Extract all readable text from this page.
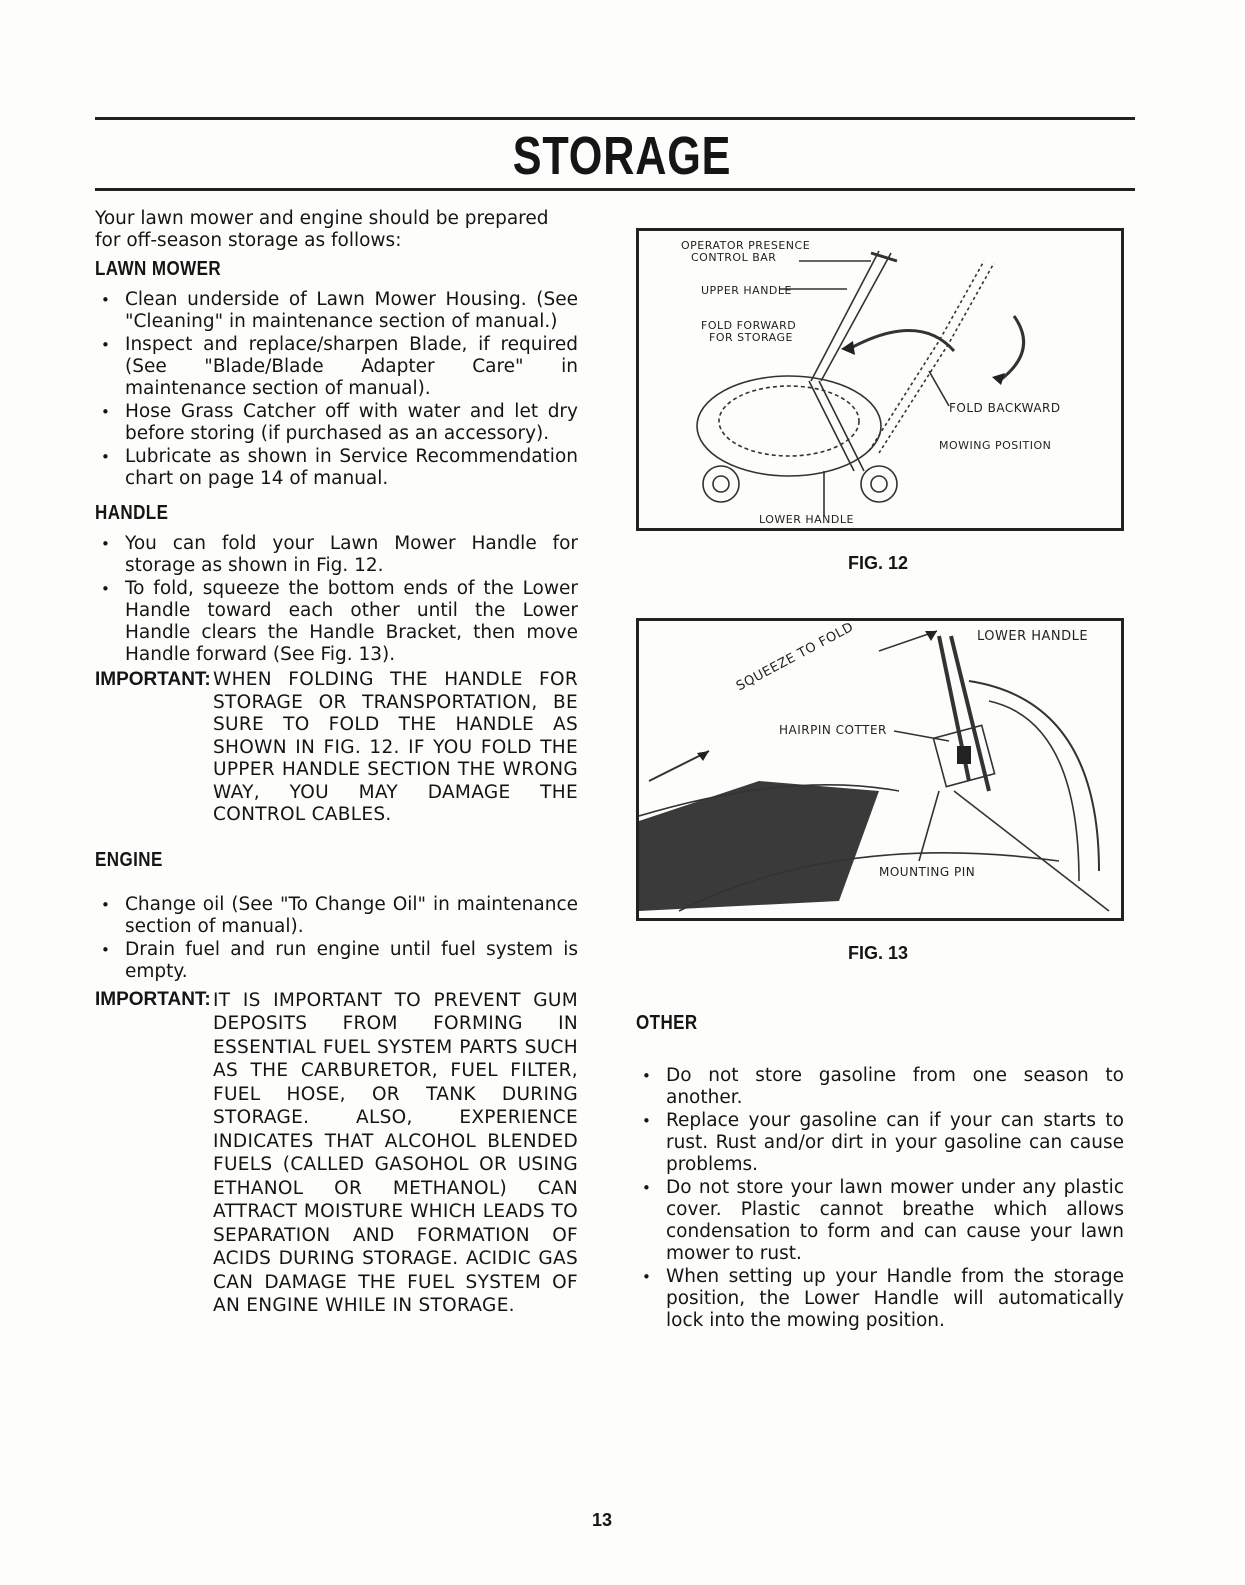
STORAGE

Your lawn mower and engine should be prepared for off-season storage as follows:

LAWN MOWER
• Clean underside of Lawn Mower Housing. (See "Cleaning" in maintenance section of manual.)
• Inspect and replace/sharpen Blade, if required (See "Blade/Blade Adapter Care" in maintenance section of manual).
• Hose Grass Catcher off with water and let dry before storing (if purchased as an accessory).
• Lubricate as shown in Service Recommendation chart on page 14 of manual.
HANDLE
• You can fold your Lawn Mower Handle for storage as shown in Fig. 12.
• To fold, squeeze the bottom ends of the Lower Handle toward each other until the Lower Handle clears the Handle Bracket, then move Handle forward (See Fig. 13).
IMPORTANT: WHEN FOLDING THE HANDLE FOR STORAGE OR TRANSPORTATION, BE SURE TO FOLD THE HANDLE AS SHOWN IN FIG. 12. IF YOU FOLD THE UPPER HANDLE SECTION THE WRONG WAY, YOU MAY DAMAGE THE CONTROL CABLES.
ENGINE
• Change oil (See "To Change Oil" in maintenance section of manual).
• Drain fuel and run engine until fuel system is empty.
IMPORTANT: IT IS IMPORTANT TO PREVENT GUM DEPOSITS FROM FORMING IN ESSENTIAL FUEL SYSTEM PARTS SUCH AS THE CARBURETOR, FUEL FILTER, FUEL HOSE, OR TANK DURING STORAGE. ALSO, EXPERIENCE INDICATES THAT ALCOHOL BLENDED FUELS (CALLED GASOHOL OR USING ETHANOL OR METHANOL) CAN ATTRACT MOISTURE WHICH LEADS TO SEPARATION AND FORMATION OF ACIDS DURING STORAGE. ACIDIC GAS CAN DAMAGE THE FUEL SYSTEM OF AN ENGINE WHILE IN STORAGE.
OPERATOR PRESENCE
CONTROL BAR
UPPER HANDLE
FOLD FORWARD
FOR STORAGE
FOLD BACKWARD
MOWING POSITION
LOWER HANDLE
FIG. 12
LOWER HANDLE
SQUEEZE TO FOLD
HAIRPIN COTTER
MOUNTING PIN
FIG. 13
OTHER
• Do not store gasoline from one season to another.
• Replace your gasoline can if your can starts to rust. Rust and/or dirt in your gasoline can cause problems.
• Do not store your lawn mower under any plastic cover. Plastic cannot breathe which allows condensation to form and can cause your lawn mower to rust.
• When setting up your Handle from the storage position, the Lower Handle will automatically lock into the mowing position.
13
